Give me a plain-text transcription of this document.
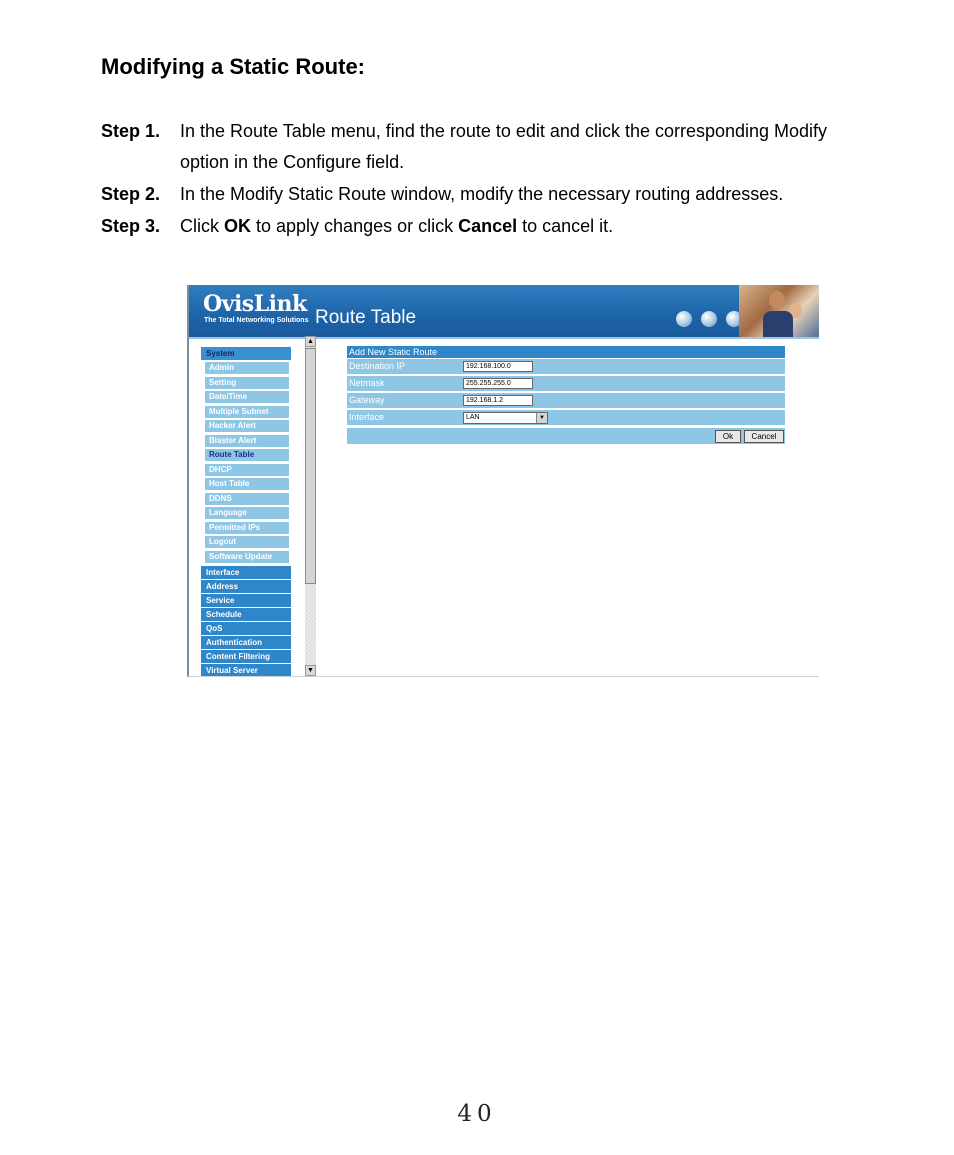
Modifying a Static Route:
Step 1. In the Route Table menu, find the route to edit and click the corresponding Modify
option in the Configure field.
Step 2. In the Modify Static Route window, modify the necessary routing addresses.
Step 3. Click OK to apply changes or click Cancel to cancel it.
OvisLink
The Total Networking Solutions Route Table
System
Admin
Setting
Date/Time
Multiple Subnet
Hacker Alert
Blaster Alert
Route Table
DHCP
Host Table
DDNS
Language
Permitted IPs
Logout
Software Update
Interface
Address
Service
Schedule
QoS
Authentication
Content Filtering
Virtual Server
▲
▼
Add New Static Route
Destination IP	192.168.100.0
Netmask	255.255.255.0
Gateway	192.168.1.2
Interface	LAN	▼
Ok	Cancel
40
